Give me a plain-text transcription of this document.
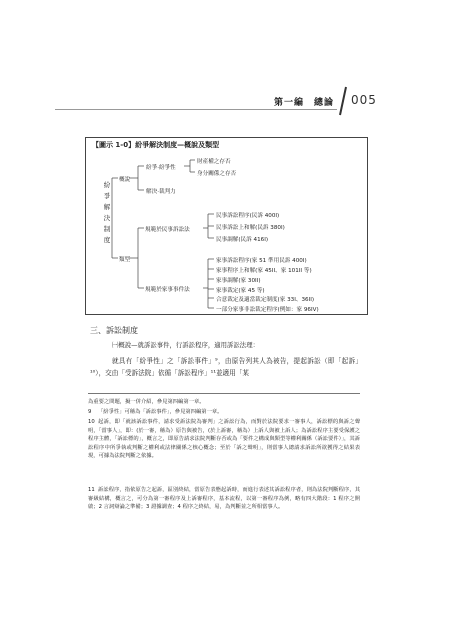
第一編　總論 005
【圖示 1-0】紛爭解決制度—概說及類型
紛爭解決制度
概說
紛爭‧紛爭性
解決‧裁判力
財產權之存否
身分關係之存否
類型
規範於民事訴訟法
民事訴訟程序(民訴 400I)
民事訴訟上和解(民訴 380I)
民事調解(民訴 416I)
規範於家事事件法
家事訴訟程序(家 51 準用民訴 400I)
家事程序上和解(家 45II、家 101II 等)
家事調解(家 30II)
家事裁定(家 45 等)
合意裁定及適當裁定制度(家 33I、36II)
一部分家事非訟裁定程序(例如：家 96IV)
三、訴訟制度
㈠概說—就訴訟事件，行訴訟程序，適用訴訟法理：
就具有「紛爭性」之「訴訟事件」⁹，由原告列其人為被告，提起訴訟（即「起訴」¹⁰），交由「受訴法院」依循「訴訟程序」¹¹並適用「某
為重要之問題，擬一併介紹，參見第四編第一章。
9 「紛爭性」可稱為「訴訟事件」，參見第四編第一章。
10 起訴，即「就該訴訟事件，請求受訴法院為審判」之訴訟行為，而對於法院要求一審事人，訴訟標的與訴之聲明，「當事人」，即：(於一審，稱為）原告與被告，(於上訴審，稱為）上訴人與被上訴人；為訴訟程序主要受保護之程序主體，「訴訟標的」，概言之，即原告請求法院判斷存否或為「要件之構成與類型等權利關係（訴訟要件）」，其訴訟程序中所爭執或判斷之權利或法律關係之核心概念；至於「訴之聲明」，則當事人總請求訴訟所欲獲得之結果表現，可據為法院判斷之依據。
11 訴訟程序，指依原告之起訴，區別終結，當原告表態起訴時，而進行表述其訴訟程序者，則為法院判斷程序，其審級結構，概言之，可分為第一審程序及上訴審程序，基本流程，以第一審程序為例，略有四大階段：1 程序之開啟；2 言詞辯論之準備；3 證據調查；4 程序之終結，易，為判斷並之所相當事人。
